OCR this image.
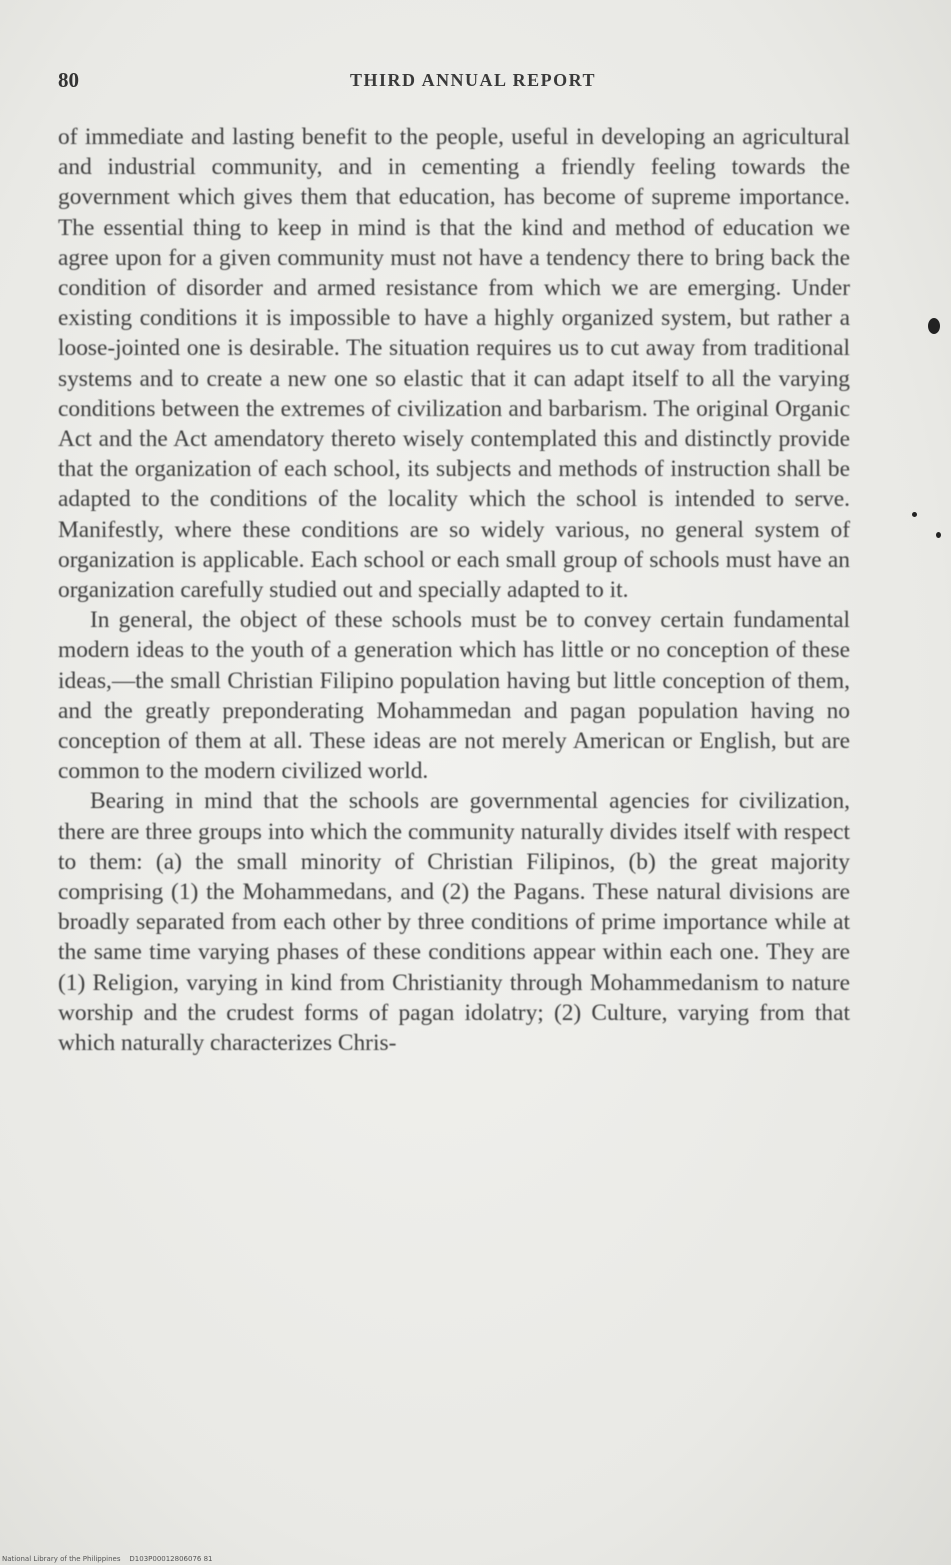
80	THIRD ANNUAL REPORT

of immediate and lasting benefit to the people, useful in developing an agricultural and industrial community, and in cementing a friendly feeling towards the government which gives them that education, has become of supreme importance. The essential thing to keep in mind is that the kind and method of education we agree upon for a given community must not have a tendency there to bring back the condition of disorder and armed resistance from which we are emerging. Under existing conditions it is impossible to have a highly organized system, but rather a loose-jointed one is desirable. The situation requires us to cut away from traditional systems and to create a new one so elastic that it can adapt itself to all the varying conditions between the extremes of civilization and barbarism. The original Organic Act and the Act amendatory thereto wisely contemplated this and distinctly provide that the organization of each school, its subjects and methods of instruction shall be adapted to the conditions of the locality which the school is intended to serve. Manifestly, where these conditions are so widely various, no general system of organization is applicable. Each school or each small group of schools must have an organization carefully studied out and specially adapted to it.

In general, the object of these schools must be to convey certain fundamental modern ideas to the youth of a generation which has little or no conception of these ideas,—the small Christian Filipino population having but little conception of them, and the greatly preponderating Mohammedan and pagan population having no conception of them at all. These ideas are not merely American or English, but are common to the modern civilized world.

Bearing in mind that the schools are governmental agencies for civilization, there are three groups into which the community naturally divides itself with respect to them: (a) the small minority of Christian Filipinos, (b) the great majority comprising (1) the Mohammedans, and (2) the Pagans. These natural divisions are broadly separated from each other by three conditions of prime importance while at the same time varying phases of these conditions appear within each one. They are (1) Religion, varying in kind from Christianity through Mohammedanism to nature worship and the crudest forms of pagan idolatry; (2) Culture, varying from that which naturally characterizes Chris-

National Library of the Philippines    D103P00012806076 81
